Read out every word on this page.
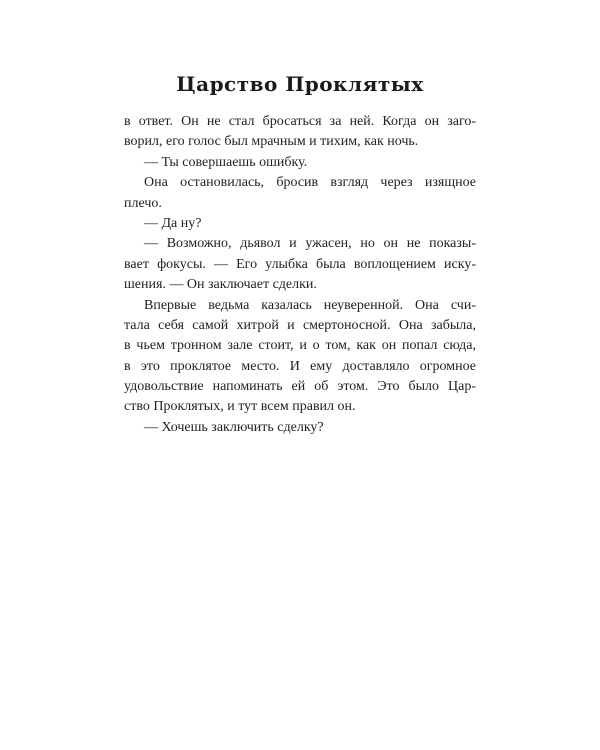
Царство Проклятых
в ответ. Он не стал бросаться за ней. Когда он заго-
ворил, его голос был мрачным и тихим, как ночь.
— Ты совершаешь ошибку.
Она остановилась, бросив взгляд через изящное
плечо.
— Да ну?
— Возможно, дьявол и ужасен, но он не показы-
вает фокусы. — Его улыбка была воплощением иску-
шения. — Он заключает сделки.
Впервые ведьма казалась неуверенной. Она счи-
тала себя самой хитрой и смертоносной. Она забыла,
в чьем тронном зале стоит, и о том, как он попал сюда,
в это проклятое место. И ему доставляло огромное
удовольствие напоминать ей об этом. Это было Цар-
ство Проклятых, и тут всем правил он.
— Хочешь заключить сделку?
